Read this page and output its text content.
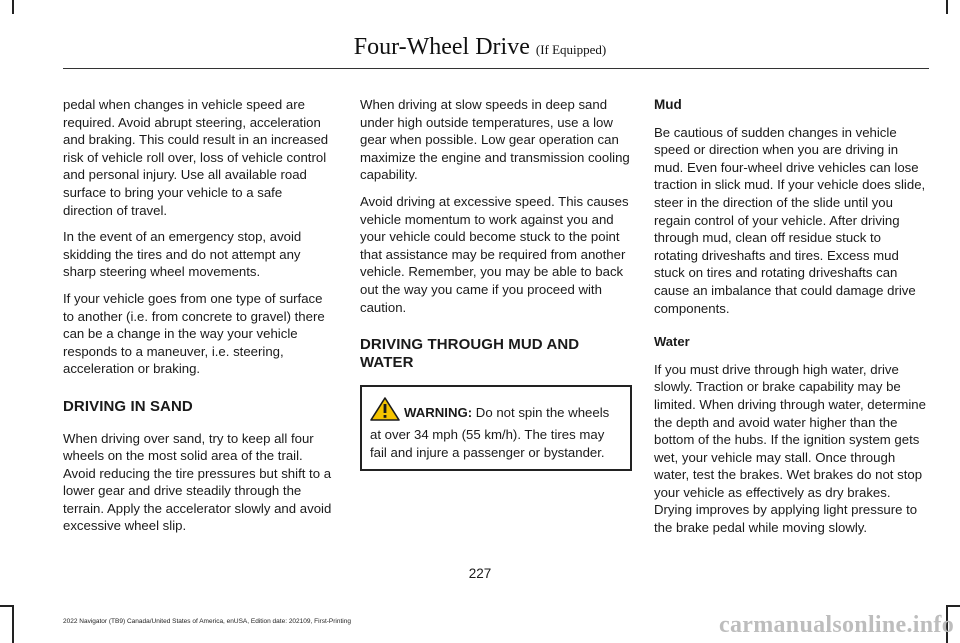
Four-Wheel Drive (If Equipped)

pedal when changes in vehicle speed are required. Avoid abrupt steering, acceleration and braking. This could result in an increased risk of vehicle roll over, loss of vehicle control and personal injury. Use all available road surface to bring your vehicle to a safe direction of travel.

In the event of an emergency stop, avoid skidding the tires and do not attempt any sharp steering wheel movements.

If your vehicle goes from one type of surface to another (i.e. from concrete to gravel) there can be a change in the way your vehicle responds to a maneuver, i.e. steering, acceleration or braking.

DRIVING IN SAND

When driving over sand, try to keep all four wheels on the most solid area of the trail. Avoid reducing the tire pressures but shift to a lower gear and drive steadily through the terrain. Apply the accelerator slowly and avoid excessive wheel slip.

When driving at slow speeds in deep sand under high outside temperatures, use a low gear when possible. Low gear operation can maximize the engine and transmission cooling capability.

Avoid driving at excessive speed. This causes vehicle momentum to work against you and your vehicle could become stuck to the point that assistance may be required from another vehicle. Remember, you may be able to back out the way you came if you proceed with caution.

DRIVING THROUGH MUD AND WATER
WARNING: Do not spin the wheels at over 34 mph (55 km/h). The tires may fail and injure a passenger or bystander.
Mud

Be cautious of sudden changes in vehicle speed or direction when you are driving in mud. Even four-wheel drive vehicles can lose traction in slick mud. If your vehicle does slide, steer in the direction of the slide until you regain control of your vehicle. After driving through mud, clean off residue stuck to rotating driveshafts and tires. Excess mud stuck on tires and rotating driveshafts can cause an imbalance that could damage drive components.

Water

If you must drive through high water, drive slowly. Traction or brake capability may be limited. When driving through water, determine the depth and avoid water higher than the bottom of the hubs. If the ignition system gets wet, your vehicle may stall. Once through water, test the brakes. Wet brakes do not stop your vehicle as effectively as dry brakes. Drying improves by applying light pressure to the brake pedal while moving slowly.

227
2022 Navigator (TB9) Canada/United States of America, enUSA, Edition date: 202109, First-Printing	carmanualsonline.info
